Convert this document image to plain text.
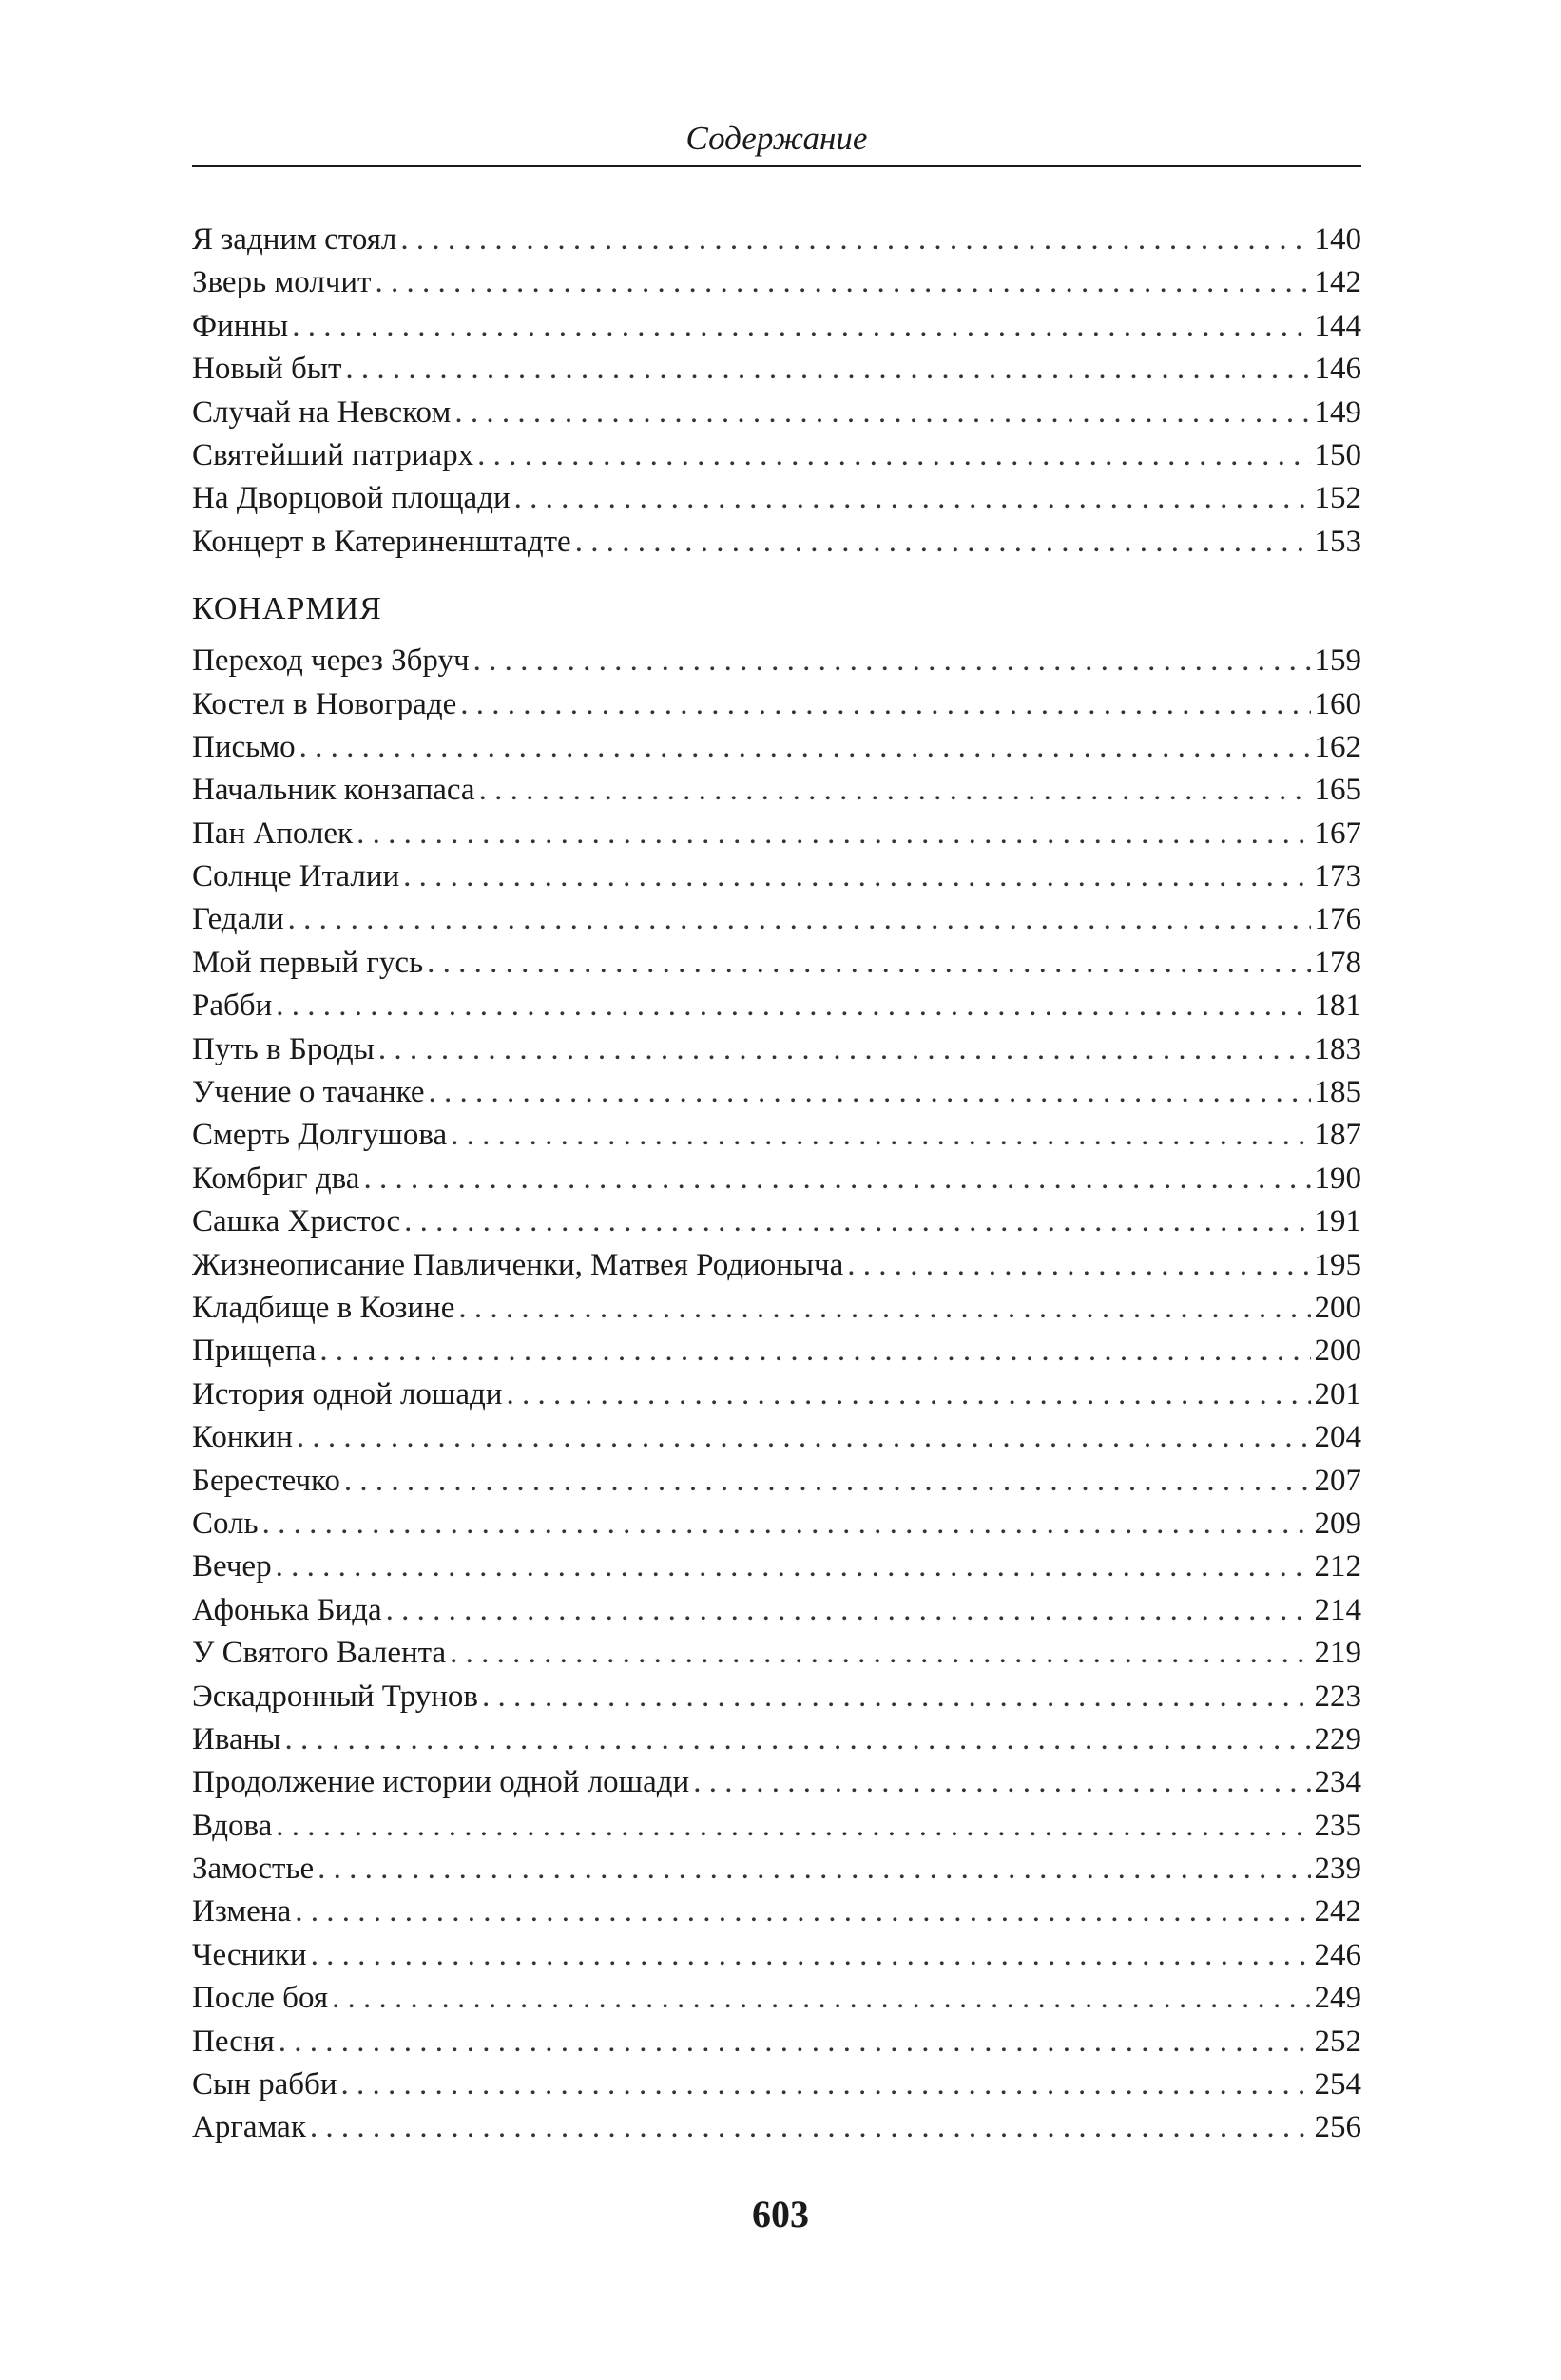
Содержание
Я задним стоял . . .	140
Зверь молчит . . .	142
Финны . . .	144
Новый быт . . .	146
Случай на Невском . . .	149
Святейший патриарх . . .	150
На Дворцовой площади . . .	152
Концерт в Катериненштадте . . .	153
КОНАРМИЯ
Переход через Збруч . . .	159
Костел в Новограде . . .	160
Письмо . . .	162
Начальник конзапаса . . .	165
Пан Аполек . . .	167
Солнце Италии . . .	173
Гедали . . .	176
Мой первый гусь . . .	178
Рабби . . .	181
Путь в Броды . . .	183
Учение о тачанке . . .	185
Смерть Долгушова . . .	187
Комбриг два . . .	190
Сашка Христос . . .	191
Жизнеописание Павличенки, Матвея Родионыча . . .	195
Кладбище в Козине . . .	200
Прищепа . . .	200
История одной лошади . . .	201
Конкин . . .	204
Берестечко . . .	207
Соль . . .	209
Вечер . . .	212
Афонька Бида . . .	214
У Святого Валента . . .	219
Эскадронный Трунов . . .	223
Иваны . . .	229
Продолжение истории одной лошади . . .	234
Вдова . . .	235
Замостье . . .	239
Измена . . .	242
Чесники . . .	246
После боя . . .	249
Песня . . .	252
Сын рабби . . .	254
Аргамак . . .	256
603
